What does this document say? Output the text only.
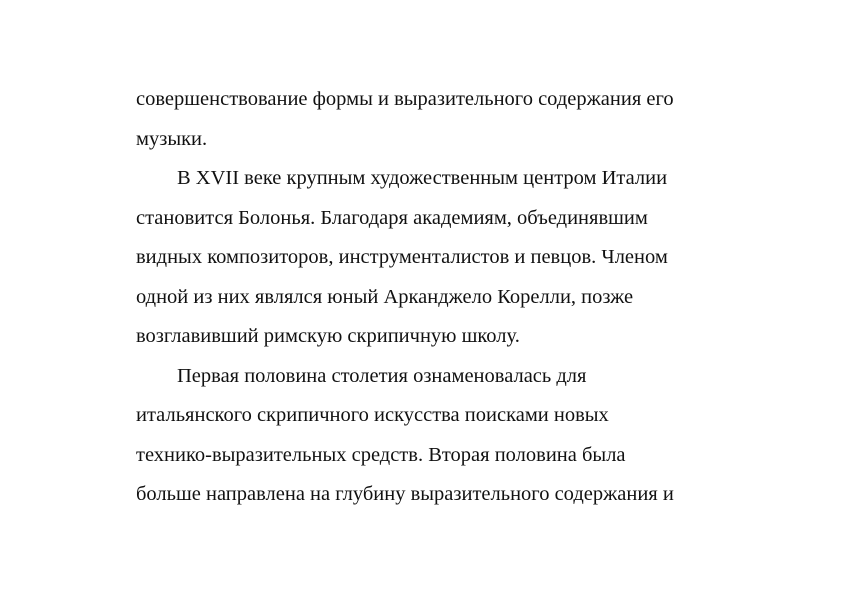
совершенствование формы и выразительного содержания его
музыки.
В XVII веке крупным художественным центром Италии
становится Болонья. Благодаря академиям, объединявшим
видных композиторов, инструменталистов и певцов. Членом
одной из них являлся юный Арканджело Корелли, позже
возглавивший римскую скрипичную школу.
Первая половина столетия ознаменовалась для
итальянского скрипичного искусства поисками новых
технико-выразительных средств. Вторая половина была
больше направлена на глубину выразительного содержания и
